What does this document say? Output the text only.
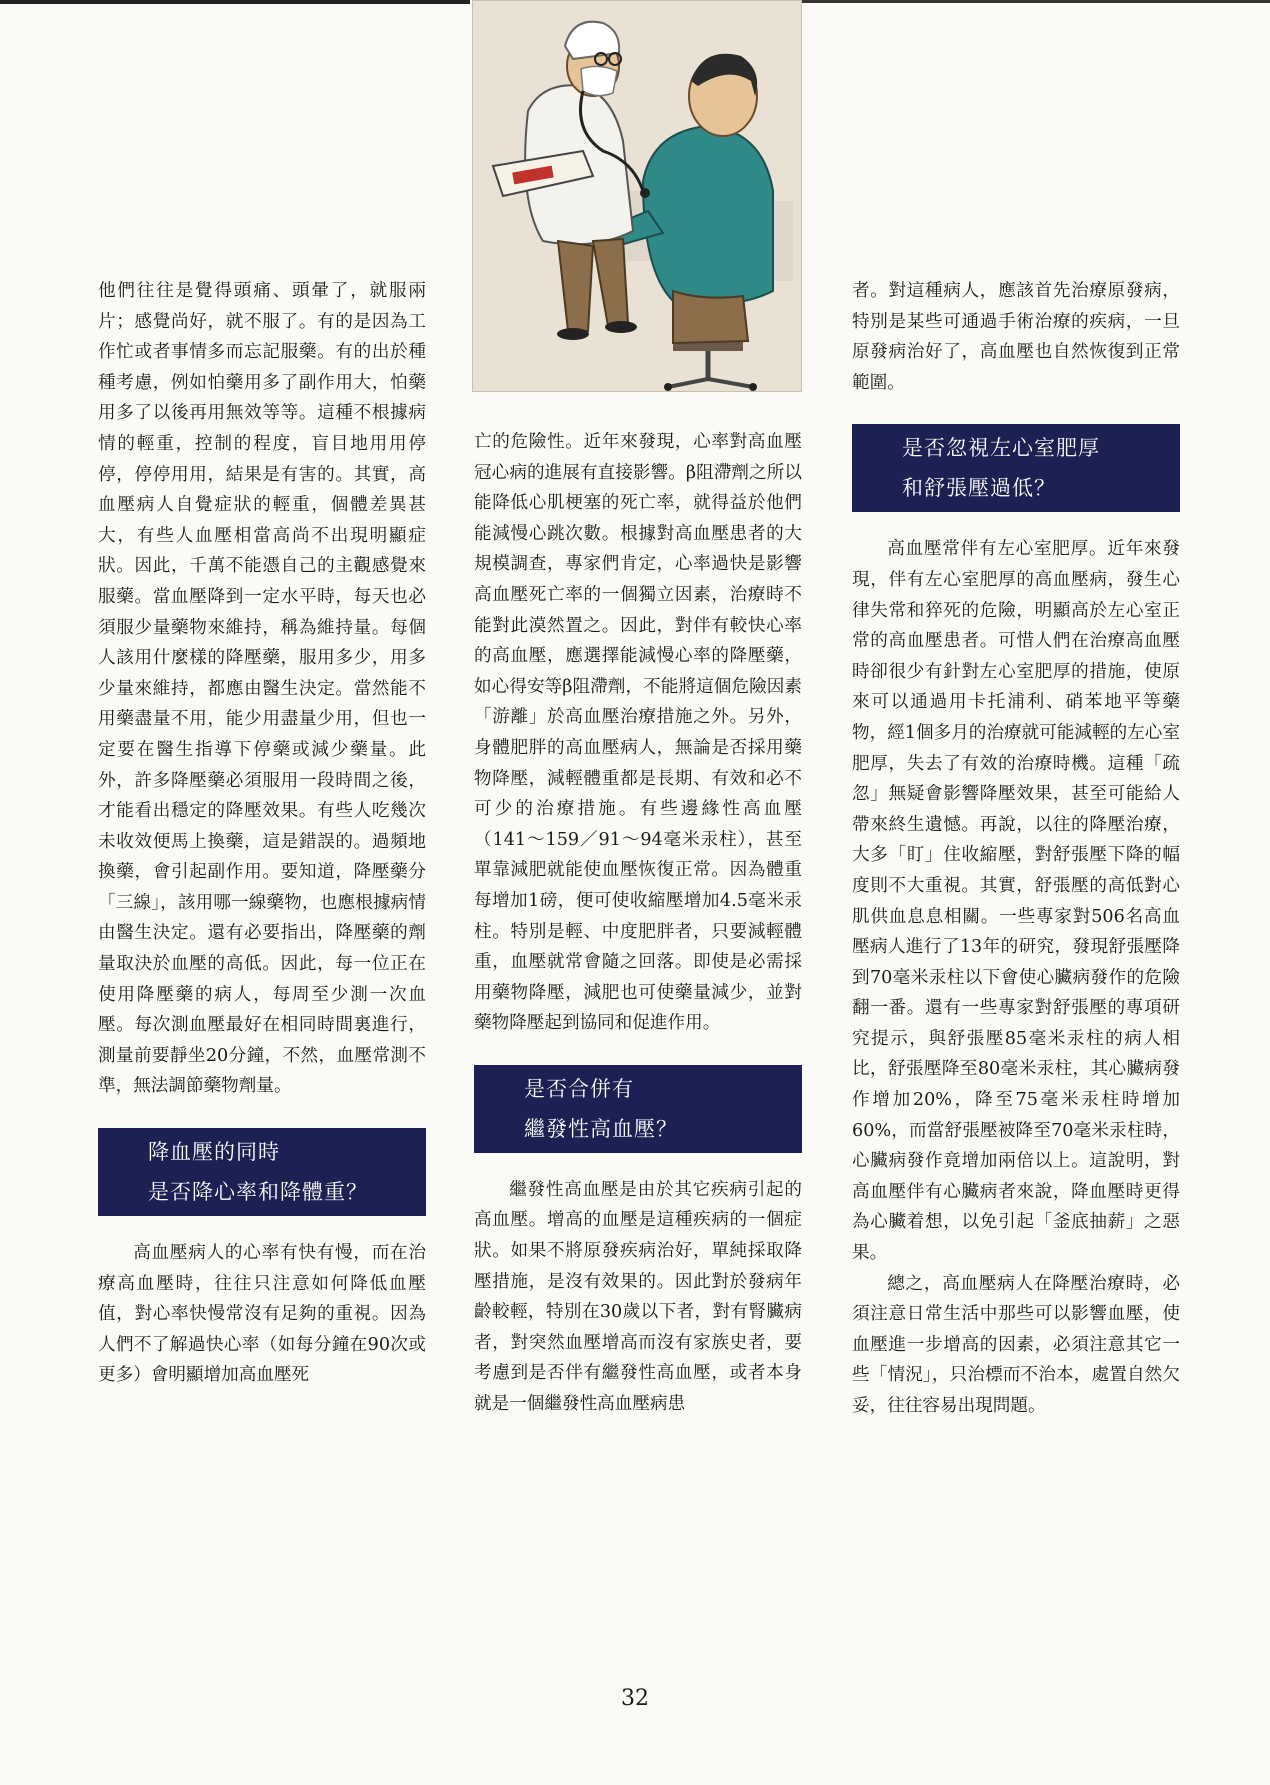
他們往往是覺得頭痛、頭暈了，就服兩片；感覺尚好，就不服了。有的是因為工作忙或者事情多而忘記服藥。有的出於種種考慮，例如怕藥用多了副作用大，怕藥用多了以後再用無效等等。這種不根據病情的輕重，控制的程度，盲目地用用停停，停停用用，結果是有害的。其實，高血壓病人自覺症狀的輕重，個體差異甚大，有些人血壓相當高尚不出現明顯症狀。因此，千萬不能憑自己的主觀感覺來服藥。當血壓降到一定水平時，每天也必須服少量藥物來維持，稱為維持量。每個人該用什麼樣的降壓藥，服用多少，用多少量來維持，都應由醫生決定。當然能不用藥盡量不用，能少用盡量少用，但也一定要在醫生指導下停藥或減少藥量。此外，許多降壓藥必須服用一段時間之後，才能看出穩定的降壓效果。有些人吃幾次未收效便馬上換藥，這是錯誤的。過頻地換藥，會引起副作用。要知道，降壓藥分「三線」，該用哪一線藥物，也應根據病情由醫生決定。還有必要指出，降壓藥的劑量取決於血壓的高低。因此，每一位正在使用降壓藥的病人，每周至少測一次血壓。每次測血壓最好在相同時間裏進行，測量前要靜坐20分鐘，不然，血壓常測不準，無法調節藥物劑量。

降血壓的同時
是否降心率和降體重？

高血壓病人的心率有快有慢，而在治療高血壓時，往往只注意如何降低血壓值，對心率快慢常沒有足夠的重視。因為人們不了解過快心率（如每分鐘在90次或更多）會明顯增加高血壓死

亡的危險性。近年來發現，心率對高血壓冠心病的進展有直接影響。β阻滯劑之所以能降低心肌梗塞的死亡率，就得益於他們能減慢心跳次數。根據對高血壓患者的大規模調查，專家們肯定，心率過快是影響高血壓死亡率的一個獨立因素，治療時不能對此漠然置之。因此，對伴有較快心率的高血壓，應選擇能減慢心率的降壓藥，如心得安等β阻滯劑，不能將這個危險因素「游離」於高血壓治療措施之外。另外，身體肥胖的高血壓病人，無論是否採用藥物降壓，減輕體重都是長期、有效和必不可少的治療措施。有些邊緣性高血壓（141～159／91～94毫米汞柱），甚至單靠減肥就能使血壓恢復正常。因為體重每增加1磅，便可使收縮壓增加4.5毫米汞柱。特別是輕、中度肥胖者，只要減輕體重，血壓就常會隨之回落。即使是必需採用藥物降壓，減肥也可使藥量減少，並對藥物降壓起到協同和促進作用。

是否合併有
繼發性高血壓？

繼發性高血壓是由於其它疾病引起的高血壓。增高的血壓是這種疾病的一個症狀。如果不將原發疾病治好，單純採取降壓措施，是沒有效果的。因此對於發病年齡較輕，特別在30歲以下者，對有腎臟病者，對突然血壓增高而沒有家族史者，要考慮到是否伴有繼發性高血壓，或者本身就是一個繼發性高血壓病患

者。對這種病人，應該首先治療原發病，特別是某些可通過手術治療的疾病，一旦原發病治好了，高血壓也自然恢復到正常範圍。

是否忽視左心室肥厚
和舒張壓過低？

高血壓常伴有左心室肥厚。近年來發現，伴有左心室肥厚的高血壓病，發生心律失常和猝死的危險，明顯高於左心室正常的高血壓患者。可惜人們在治療高血壓時卻很少有針對左心室肥厚的措施，使原來可以通過用卡托浦利、硝苯地平等藥物，經1個多月的治療就可能減輕的左心室肥厚，失去了有效的治療時機。這種「疏忽」無疑會影響降壓效果，甚至可能給人帶來終生遺憾。再說，以往的降壓治療，大多「盯」住收縮壓，對舒張壓下降的幅度則不大重視。其實，舒張壓的高低對心肌供血息息相關。一些專家對506名高血壓病人進行了13年的研究，發現舒張壓降到70毫米汞柱以下會使心臟病發作的危險翻一番。還有一些專家對舒張壓的專項研究提示，與舒張壓85毫米汞柱的病人相比，舒張壓降至80毫米汞柱，其心臟病發作增加20%，降至75毫米汞柱時增加60%，而當舒張壓被降至70毫米汞柱時，心臟病發作竟增加兩倍以上。這說明，對高血壓伴有心臟病者來說，降血壓時更得為心臟着想，以免引起「釜底抽薪」之惡果。

總之，高血壓病人在降壓治療時，必須注意日常生活中那些可以影響血壓，使血壓進一步增高的因素，必須注意其它一些「情況」，只治標而不治本，處置自然欠妥，往往容易出現問題。

32
